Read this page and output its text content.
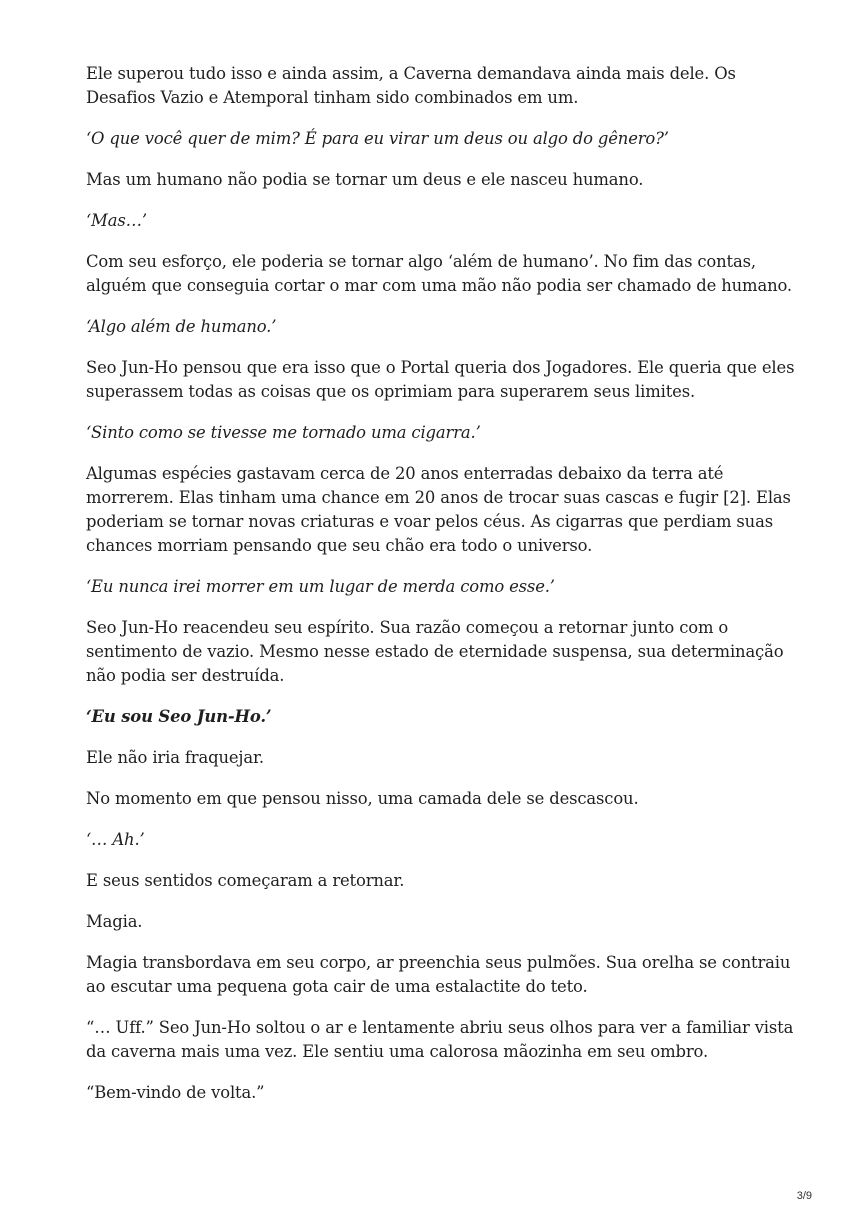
Ele superou tudo isso e ainda assim, a Caverna demandava ainda mais dele. Os Desafios Vazio e Atemporal tinham sido combinados em um.

‘O que você quer de mim? É para eu virar um deus ou algo do gênero?’

Mas um humano não podia se tornar um deus e ele nasceu humano.

‘Mas…’

Com seu esforço, ele poderia se tornar algo ‘além de humano’. No fim das contas, alguém que conseguia cortar o mar com uma mão não podia ser chamado de humano.

‘Algo além de humano.’

Seo Jun-Ho pensou que era isso que o Portal queria dos Jogadores. Ele queria que eles superassem todas as coisas que os oprimiam para superarem seus limites.

‘Sinto como se tivesse me tornado uma cigarra.’

Algumas espécies gastavam cerca de 20 anos enterradas debaixo da terra até morrerem. Elas tinham uma chance em 20 anos de trocar suas cascas e fugir [2]. Elas poderiam se tornar novas criaturas e voar pelos céus. As cigarras que perdiam suas chances morriam pensando que seu chão era todo o universo.

‘Eu nunca irei morrer em um lugar de merda como esse.’

Seo Jun-Ho reacendeu seu espírito. Sua razão começou a retornar junto com o sentimento de vazio. Mesmo nesse estado de eternidade suspensa, sua determinação não podia ser destruída.

‘Eu sou Seo Jun-Ho.’

Ele não iria fraquejar.

No momento em que pensou nisso, uma camada dele se descascou.

‘… Ah.’

E seus sentidos começaram a retornar.

Magia.

Magia transbordava em seu corpo, ar preenchia seus pulmões. Sua orelha se contraiu ao escutar uma pequena gota cair de uma estalactite do teto.

“… Uff.” Seo Jun-Ho soltou o ar e lentamente abriu seus olhos para ver a familiar vista da caverna mais uma vez. Ele sentiu uma calorosa mãozinha em seu ombro.

“Bem-vindo de volta.”

3/9
